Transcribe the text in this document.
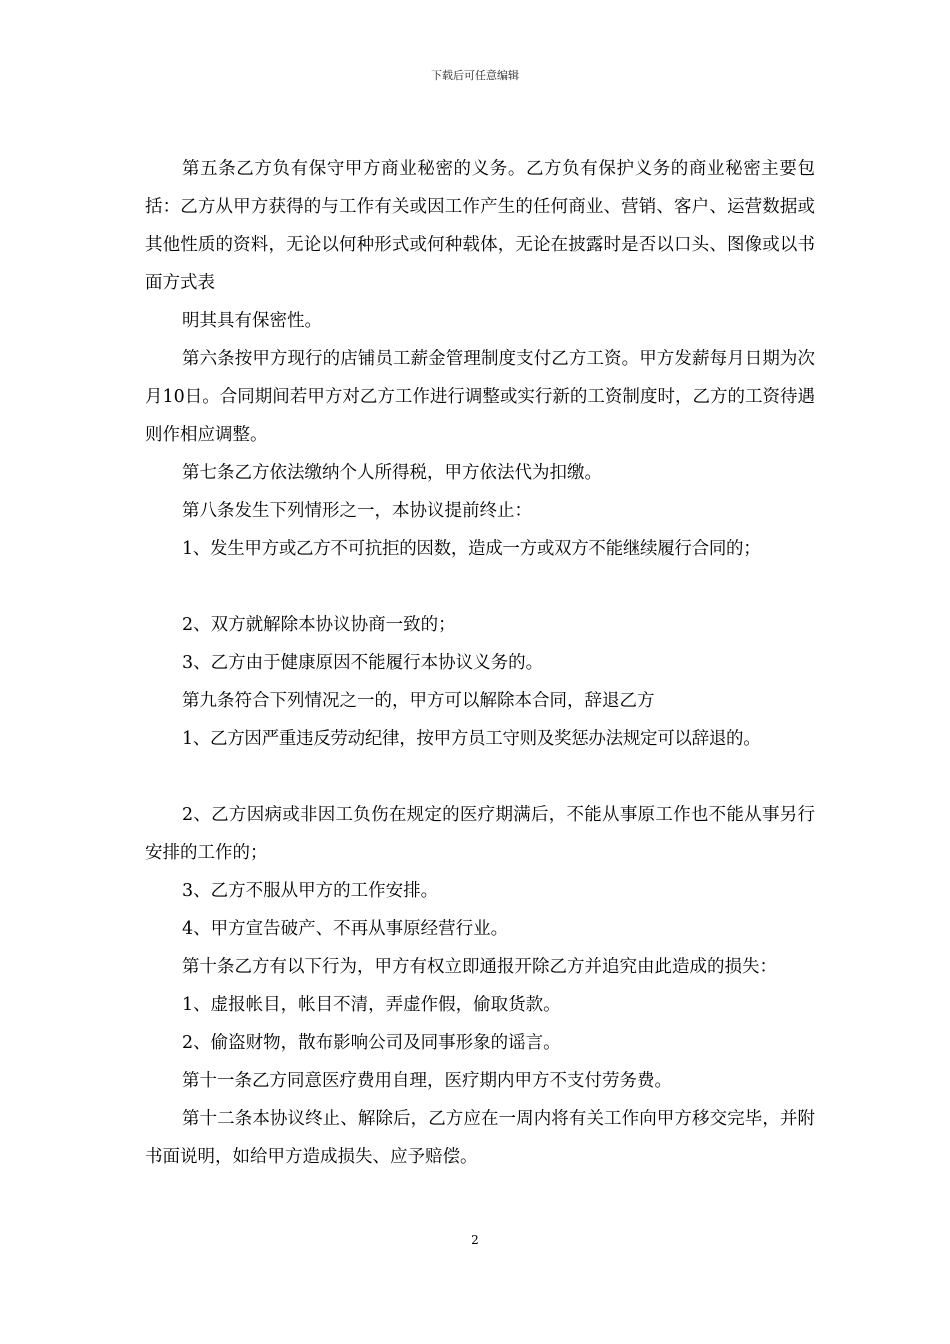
下载后可任意编辑

第五条乙方负有保守甲方商业秘密的义务。乙方负有保护义务的商业秘密主要包括：乙方从甲方获得的与工作有关或因工作产生的任何商业、营销、客户、运营数据或其他性质的资料，无论以何种形式或何种载体，无论在披露时是否以口头、图像或以书面方式表

明其具有保密性。

第六条按甲方现行的店铺员工薪金管理制度支付乙方工资。甲方发薪每月日期为次月10日。合同期间若甲方对乙方工作进行调整或实行新的工资制度时，乙方的工资待遇则作相应调整。

第七条乙方依法缴纳个人所得税，甲方依法代为扣缴。

第八条发生下列情形之一，本协议提前终止：

1、发生甲方或乙方不可抗拒的因数，造成一方或双方不能继续履行合同的；

2、双方就解除本协议协商一致的；

3、乙方由于健康原因不能履行本协议义务的。

第九条符合下列情况之一的，甲方可以解除本合同，辞退乙方

1、乙方因严重违反劳动纪律，按甲方员工守则及奖惩办法规定可以辞退的。

2、乙方因病或非因工负伤在规定的医疗期满后，不能从事原工作也不能从事另行安排的工作的；

3、乙方不服从甲方的工作安排。

4、甲方宣告破产、不再从事原经营行业。

第十条乙方有以下行为，甲方有权立即通报开除乙方并追究由此造成的损失：

1、虚报帐目，帐目不清，弄虚作假，偷取货款。

2、偷盗财物，散布影响公司及同事形象的谣言。

第十一条乙方同意医疗费用自理，医疗期内甲方不支付劳务费。

第十二条本协议终止、解除后，乙方应在一周内将有关工作向甲方移交完毕，并附书面说明，如给甲方造成损失、应予赔偿。

2
